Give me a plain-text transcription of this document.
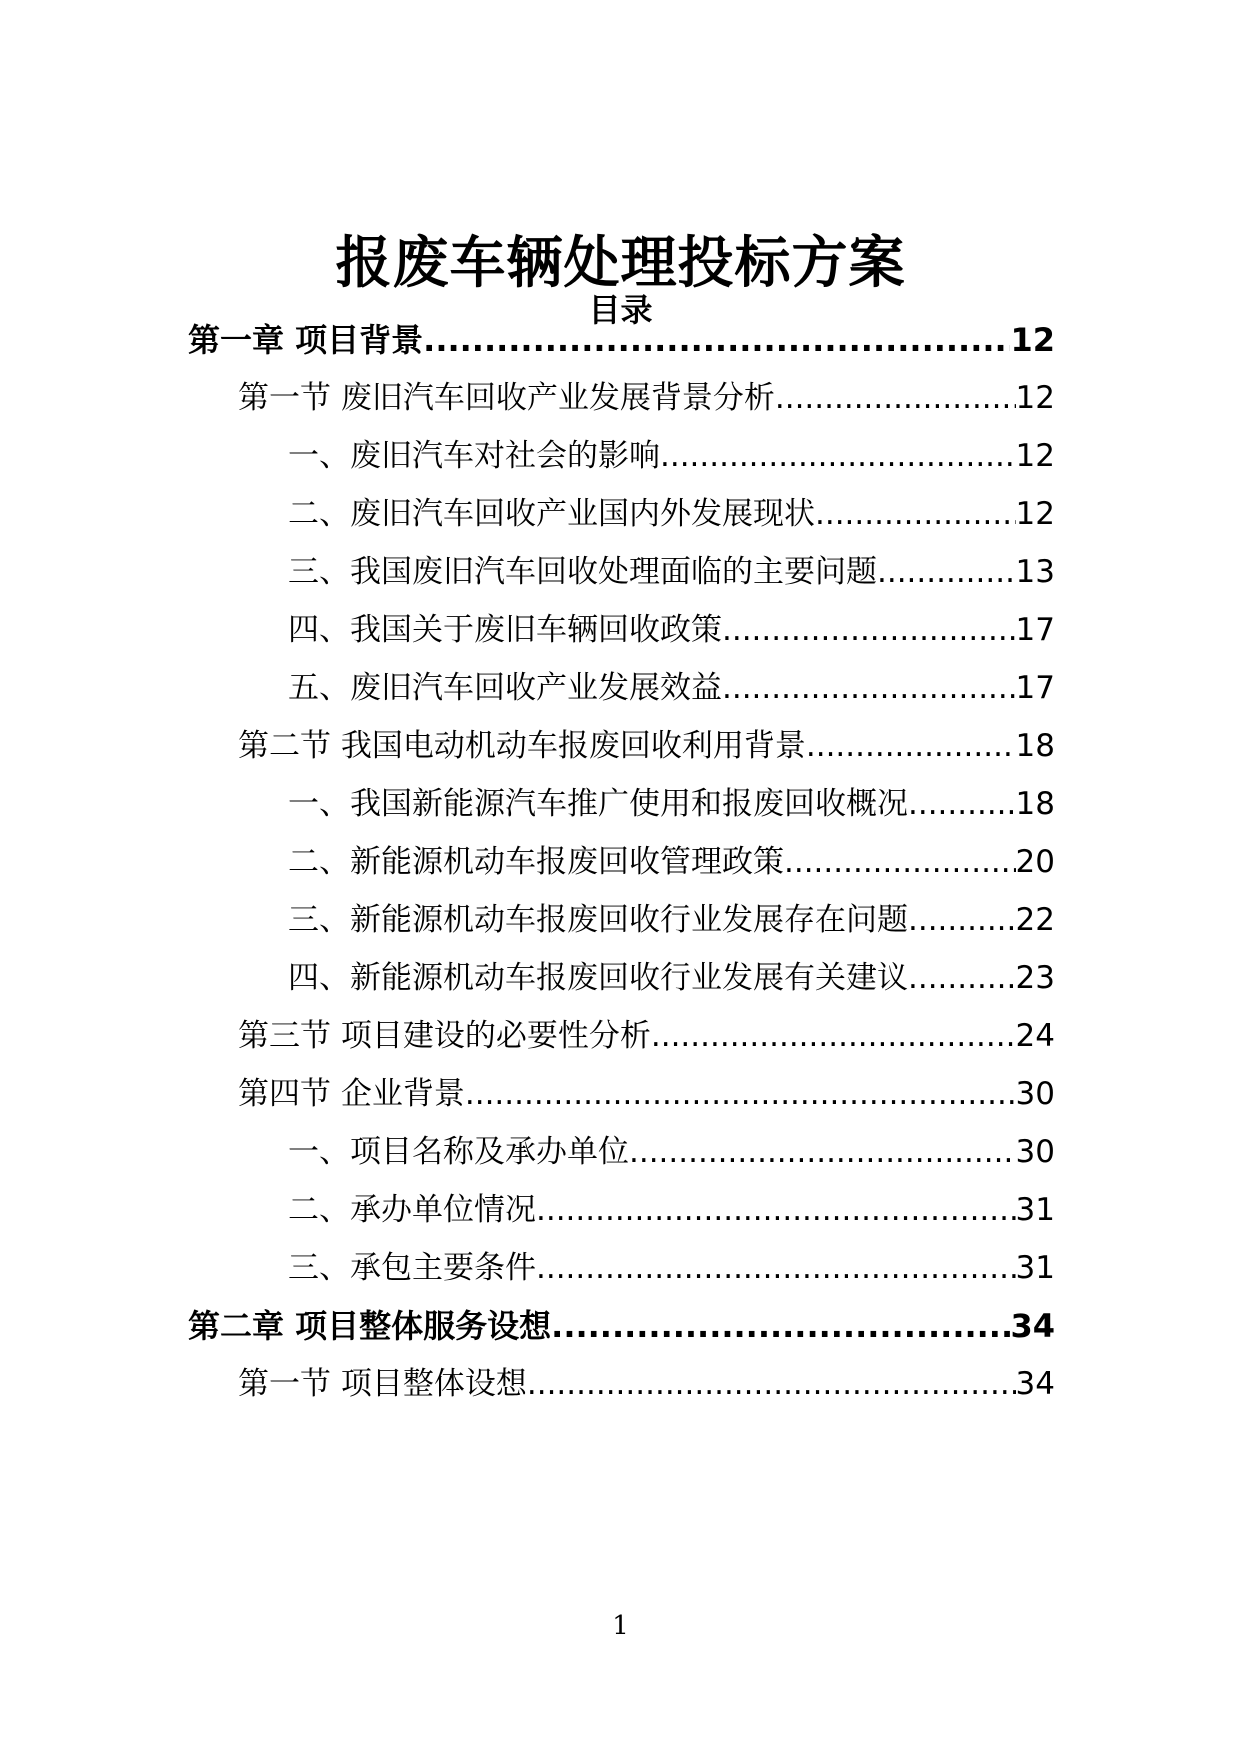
报废车辆处理投标方案
目录
第一章 项目背景 .....	12
第一节 废旧汽车回收产业发展背景分析 .....	12
一、废旧汽车对社会的影响 .....	12
二、废旧汽车回收产业国内外发展现状 .....	12
三、我国废旧汽车回收处理面临的主要问题 .....	13
四、我国关于废旧车辆回收政策 .....	17
五、废旧汽车回收产业发展效益 .....	17
第二节 我国电动机动车报废回收利用背景 .....	18
一、我国新能源汽车推广使用和报废回收概况 .....	18
二、新能源机动车报废回收管理政策 .....	20
三、新能源机动车报废回收行业发展存在问题 .....	22
四、新能源机动车报废回收行业发展有关建议 .....	23
第三节 项目建设的必要性分析 .....	24
第四节 企业背景 .....	30
一、项目名称及承办单位 .....	30
二、承办单位情况 .....	31
三、承包主要条件 .....	31
第二章 项目整体服务设想 .....	34
第一节 项目整体设想 .....	34
1
